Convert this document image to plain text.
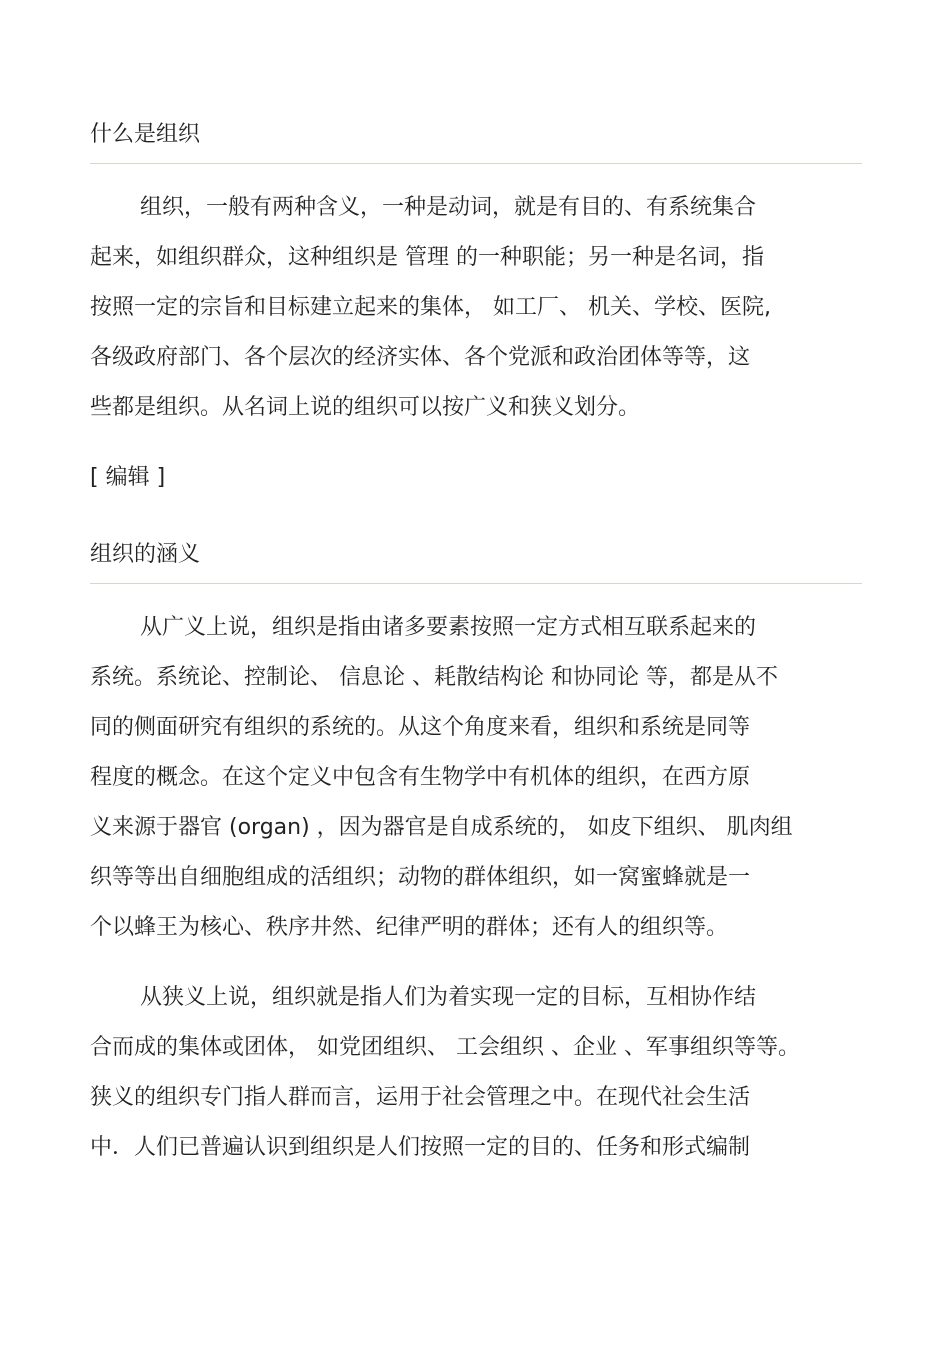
什么是组织

组织，一般有两种含义，一种是动词，就是有目的、有系统集合

起来，如组织群众，这种组织是 管理 的一种职能；另一种是名词，指

按照一定的宗旨和目标建立起来的集体， 如工厂、 机关、学校、医院,

各级政府部门、各个层次的经济实体、各个党派和政治团体等等，这

些都是组织。从名词上说的组织可以按广义和狭义划分。

[ 编辑 ]
组织的涵义

从广义上说，组织是指由诸多要素按照一定方式相互联系起来的

系统。系统论、控制论、 信息论 、耗散结构论 和协同论 等，都是从不

同的侧面研究有组织的系统的。从这个角度来看，组织和系统是同等

程度的概念。在这个定义中包含有生物学中有机体的组织，在西方原

义来源于器官 (organ) ，因为器官是自成系统的， 如皮下组织、 肌肉组

织等等出自细胞组成的活组织；动物的群体组织，如一窝蜜蜂就是一

个以蜂王为核心、秩序井然、纪律严明的群体；还有人的组织等。

从狭义上说，组织就是指人们为着实现一定的目标，互相协作结

合而成的集体或团体， 如党团组织、 工会组织 、企业 、军事组织等等。

狭义的组织专门指人群而言，运用于社会管理之中。在现代社会生活

中．人们已普遍认识到组织是人们按照一定的目的、任务和形式编制
